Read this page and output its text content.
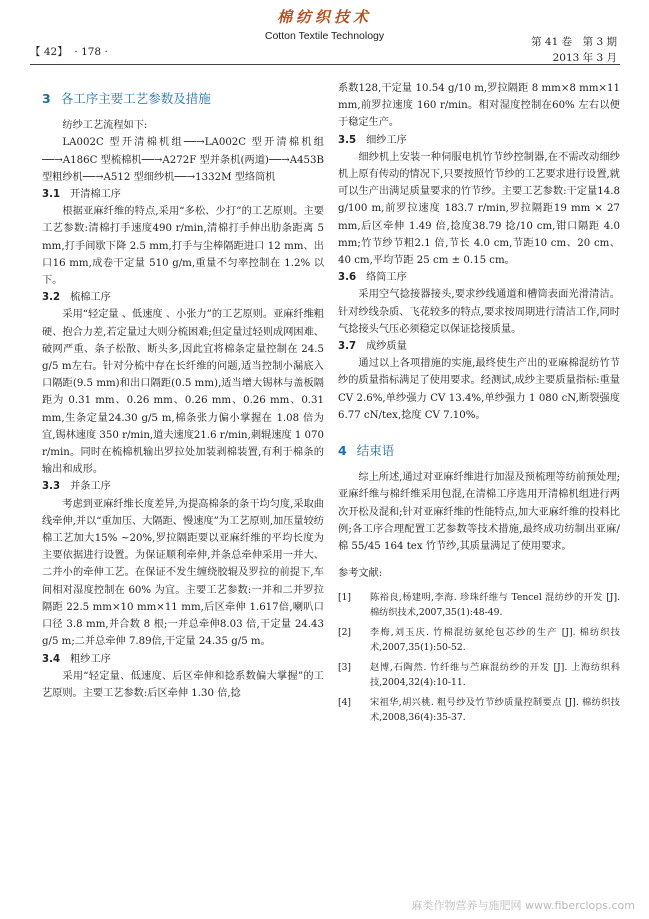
【 42】 · 178 ·
棉纺织技术
Cotton Textile Technology	第 41 卷　第 3 期
2013 年 3 月
3 各工序主要工艺参数及措施

纺纱工艺流程如下:

LA002C 型开清棉机组──→LA002C 型开清棉机组──→A186C 型梳棉机──→A272F 型并条机(两道)──→A453B 型粗纱机──→A512 型细纱机──→1332M 型络筒机

3.1 开清棉工序

根据亚麻纤维的特点,采用“多松、少打”的工艺原则。主要工艺参数:清棉打手速度490 r/min,清棉打手伸出肋条距离 5 mm,打手间歇下降 2.5 mm,打手与尘棒隔距进口 12 mm、出口16 mm,成卷干定量 510 g/m,重量不匀率控制在 1.2% 以下。

3.2 梳棉工序

采用“轻定量 、低速度 、小张力”的工艺原则。亚麻纤维粗硬、抱合力差,若定量过大则分梳困难;但定量过轻则成网困难、破网严重、条子松散、断头多,因此宜将棉条定量控制在 24.5 g/5 m左右。针对分梳中存在长纤维的问题,适当控制小漏底入口隔距(9.5 mm)和出口隔距(0.5 mm),适当增大锡林与盖板隔距为 0.31 mm、0.26 mm、0.26 mm、0.26 mm、0.31 mm,生条定量24.30 g/5 m,棉条张力偏小掌握在 1.08 倍为宜,锡林速度 350 r/min,道夫速度21.6 r/min,刺辊速度 1 070 r/min。同时在梳棉机输出罗拉处加装剥棉装置,有利于棉条的输出和成形。

3.3 并条工序

考虑到亚麻纤维长度差异,为提高棉条的条干均匀度,采取曲线牵伸,并以“重加压、大隔距、慢速度”为工艺原则,加压量较纺棉工艺加大15% ~20%,罗拉隔距要以亚麻纤维的平均长度为主要依据进行设置。为保证顺利牵伸,并条总牵伸采用一并大、二并小的牵伸工艺。在保证不发生缠绕胶辊及罗拉的前提下,车间相对湿度控制在 60% 为宜。主要工艺参数:一并和二并罗拉隔距 22.5 mm×10 mm×11 mm,后区牵伸 1.617倍,喇叭口口径 3.8 mm,并合数 8 根;一并总牵伸8.03 倍,干定量 24.43 g/5 m;二并总牵伸 7.89倍,干定量 24.35 g/5 m。

3.4 粗纱工序

采用“轻定量、低速度、后区牵伸和捻系数偏大掌握”的工艺原则。主要工艺参数:后区牵伸 1.30 倍,捻

系数128,干定量 10.54 g/10 m,罗拉隔距 8 mm×8 mm×11 mm,前罗拉速度 160 r/min。相对湿度控制在60% 左右以便于稳定生产。

3.5 细纱工序

细纱机上安装一种伺服电机竹节纱控制器,在不需改动细纱机上原有传动的情况下,只要按照竹节纱的工艺要求进行设置,就可以生产出满足质量要求的竹节纱。主要工艺参数:干定量14.8 g/100 m,前罗拉速度 183.7 r/min,罗拉隔距19 mm × 27 mm,后区牵伸 1.49 倍,捻度38.79 捻/10 cm,钳口隔距 4.0 mm;竹节纱节粗2.1 倍,节长 4.0 cm,节距10 cm、20 cm、40 cm,平均节距 25 cm ± 0.15 cm。

3.6 络筒工序

采用空气捻接器接头,要求纱线通道和槽筒表面光滑清洁。针对纱线杂质、飞花较多的特点,要求按周期进行清洁工作,同时气捻接头气压必须稳定以保证捻接质量。

3.7 成纱质量

通过以上各项措施的实施,最终使生产出的亚麻棉混纺竹节纱的质量指标满足了使用要求。经测试,成纱主要质量指标:重量 CV 2.6%,单纱强力 CV 13.4%,单纱强力 1 080 cN,断裂强度6.77 cN/tex,捻度 CV 7.10%。

4 结束语

综上所述,通过对亚麻纤维进行加湿及预梳理等纺前预处理;亚麻纤维与棉纤维采用包混,在清棉工序选用开清棉机组进行两次开松及混和;针对亚麻纤维的性能特点,加大亚麻纤维的投料比例;各工序合理配置工艺参数等技术措施,最终成功纺制出亚麻/棉 55/45 164 tex 竹节纱,其质量满足了使用要求。

参考文献:

[1] 陈裕良,杨建明,李海. 珍珠纤维与 Tencel 混纺纱的开发 [J]. 棉纺织技术,2007,35(1):48-49.
[2] 李梅,刘玉庆. 竹棉混纺氨纶包芯纱的生产 [J]. 棉纺织技术,2007,35(1):50-52.
[3] 赵博,石陶然. 竹纤维与苎麻混纺纱的开发 [J]. 上海纺织科技,2004,32(4):10-11.
[4] 宋祖华,胡兴桃. 粗号纱及竹节纱质量控制要点 [J]. 棉纺织技术,2008,36(4):35-37.
麻类作物营养与施肥网 www.fiberclops.com
